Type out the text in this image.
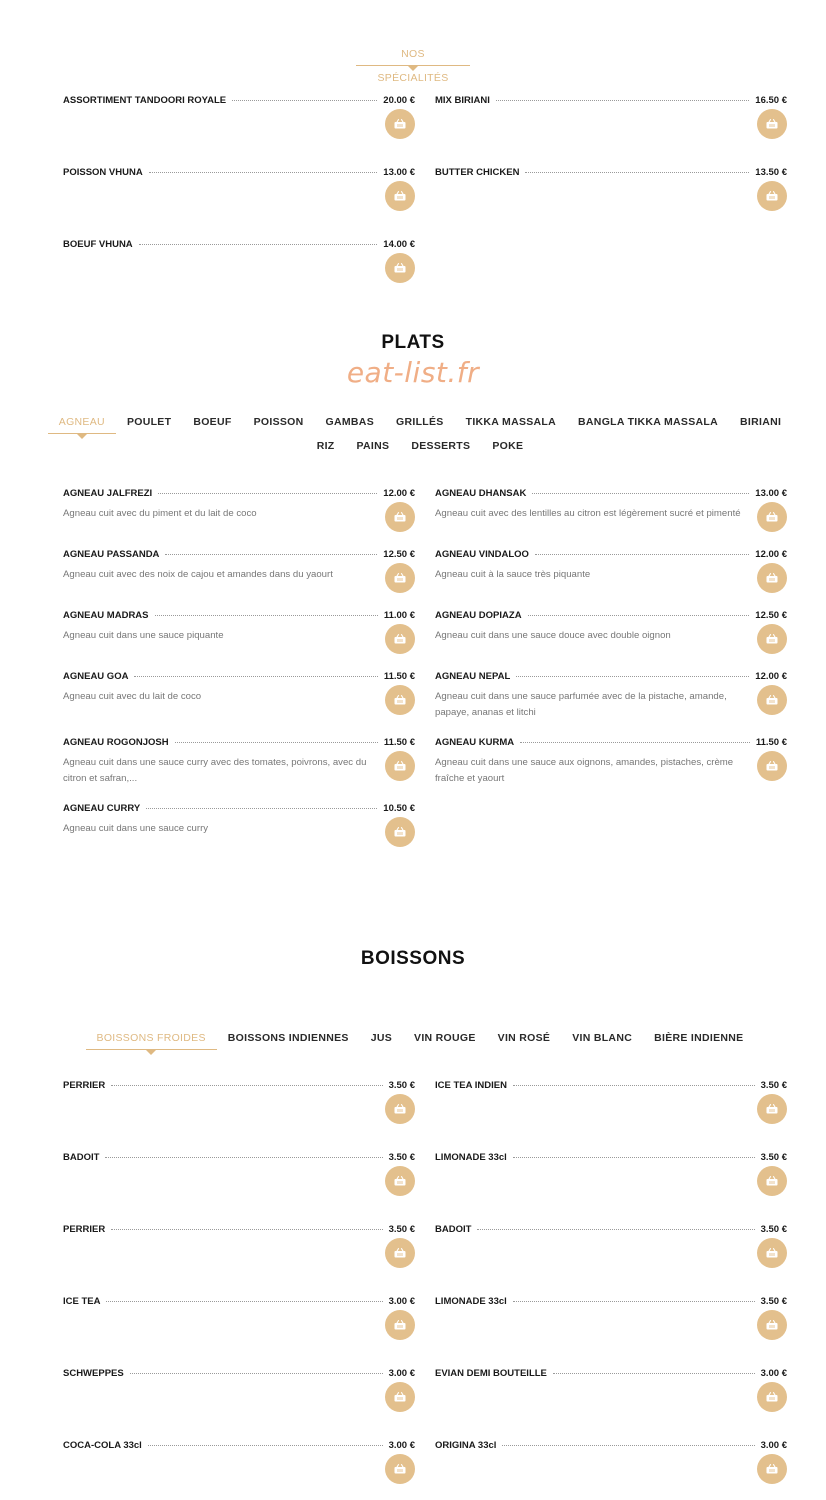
NOS SPÉCIALITÉS
ASSORTIMENT TANDOORI ROYALE	20.00 € MIX BIRIANI	16.50 €
POISSON VHUNA	13.00 € BUTTER CHICKEN	13.50 €
BOEUF VHUNA	14.00 €
PLATS
eat-list.fr
AGNEAU	POULET	BOEUF	POISSON	GAMBAS	GRILLÉS	TIKKA MASSALA	BANGLA TIKKA MASSALA	BIRIANI
RIZ	PAINS	DESSERTS	POKE
AGNEAU JALFREZI	12.00 €
Agneau cuit avec du piment et du lait de coco
AGNEAU DHANSAK	13.00 €
Agneau cuit avec des lentilles au citron est légèrement sucré et pimenté
AGNEAU PASSANDA	12.50 €
Agneau cuit avec des noix de cajou et amandes dans du yaourt
AGNEAU VINDALOO	12.00 €
Agneau cuit à la sauce très piquante
AGNEAU MADRAS	11.00 €
Agneau cuit dans une sauce piquante
AGNEAU DOPIAZA	12.50 €
Agneau cuit dans une sauce douce avec double oignon
AGNEAU GOA	11.50 €
Agneau cuit avec du lait de coco
AGNEAU NEPAL	12.00 €
Agneau cuit dans une sauce parfumée avec de la pistache, amande, papaye, ananas et litchi
AGNEAU ROGONJOSH	11.50 €
Agneau cuit dans une sauce curry avec des tomates, poivrons, avec du citron et safran,...
AGNEAU KURMA	11.50 €
Agneau cuit dans une sauce aux oignons, amandes, pistaches, crème fraîche et yaourt
AGNEAU CURRY	10.50 €
Agneau cuit dans une sauce curry
BOISSONS
BOISSONS FROIDES	BOISSONS INDIENNES	JUS	VIN ROUGE	VIN ROSÉ	VIN BLANC	BIÈRE INDIENNE
PERRIER	3.50 € ICE TEA INDIEN	3.50 €
BADOIT	3.50 € LIMONADE 33cl	3.50 €
PERRIER	3.50 € BADOIT	3.50 €
ICE TEA	3.00 € LIMONADE 33cl	3.50 €
SCHWEPPES	3.00 € EVIAN DEMI BOUTEILLE	3.00 €
COCA-COLA 33cl	3.00 € ORIGINA 33cl	3.00 €
